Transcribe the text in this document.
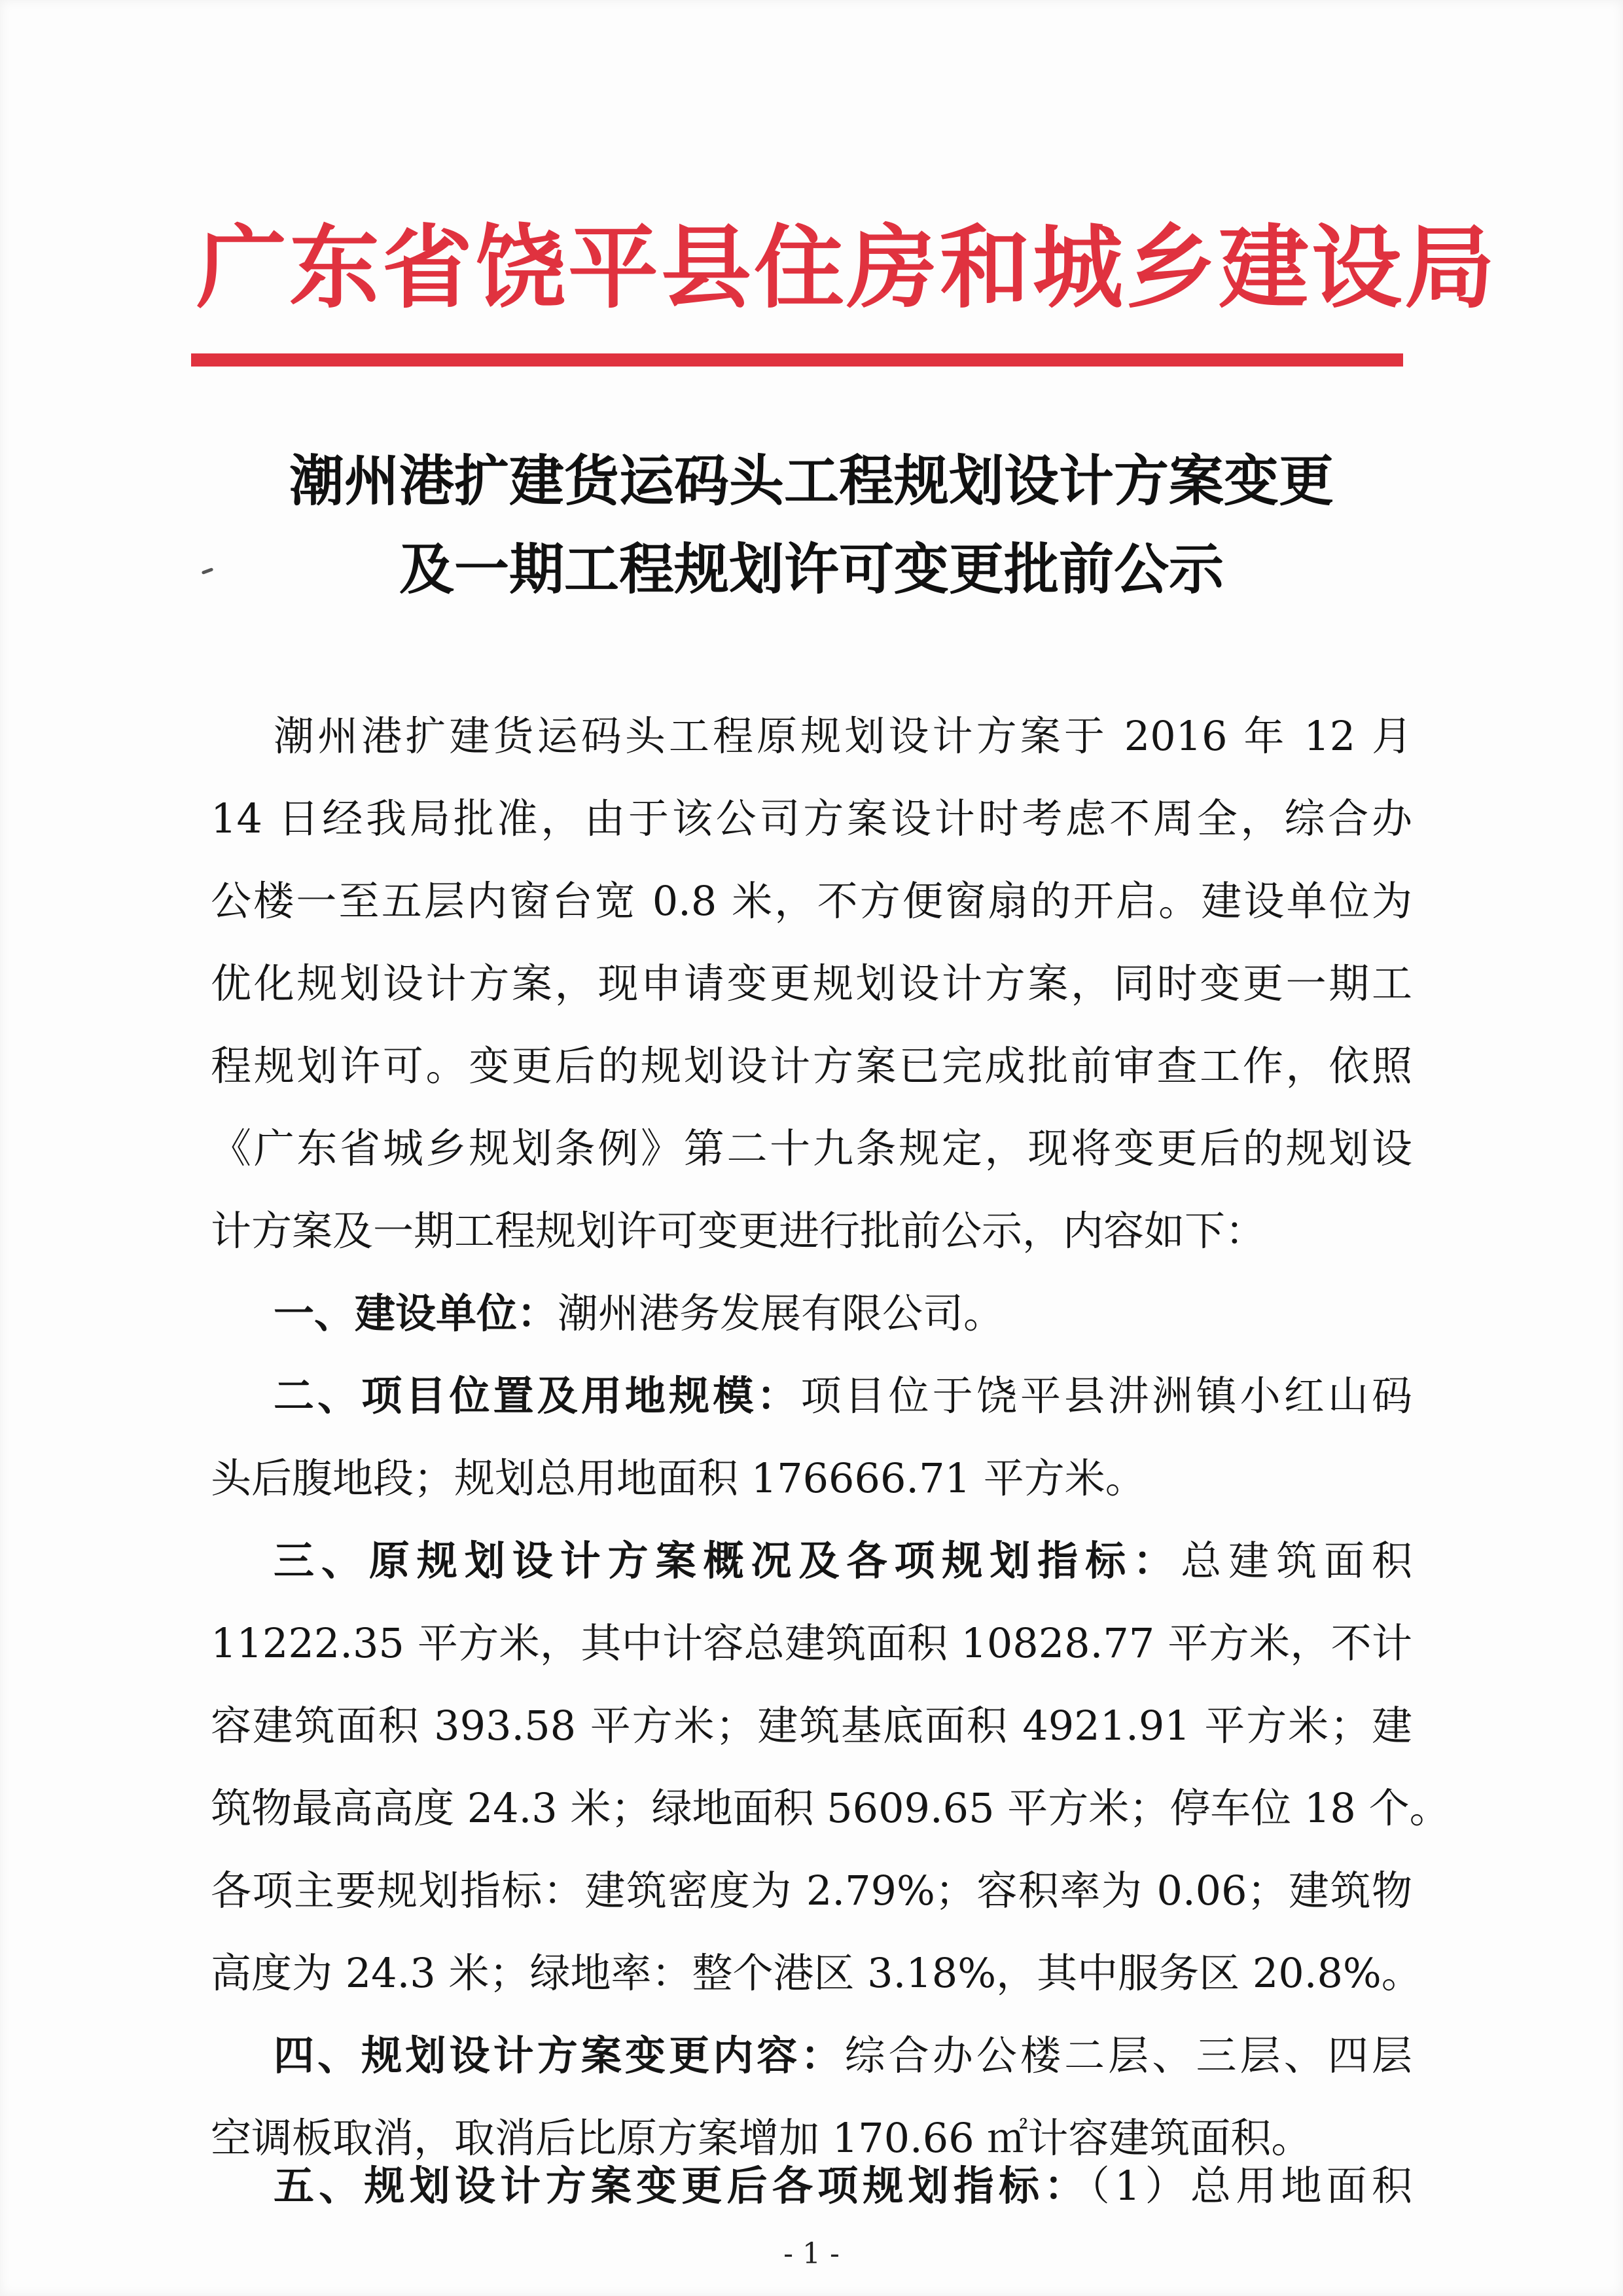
广东省饶平县住房和城乡建设局
潮州港扩建货运码头工程规划设计方案变更
及一期工程规划许可变更批前公示
潮州港扩建货运码头工程原规划设计方案于 2016 年 12 月
14 日经我局批准，由于该公司方案设计时考虑不周全，综合办
公楼一至五层内窗台宽 0.8 米，不方便窗扇的开启。建设单位为
优化规划设计方案，现申请变更规划设计方案，同时变更一期工
程规划许可。变更后的规划设计方案已完成批前审查工作，依照
《广东省城乡规划条例》第二十九条规定，现将变更后的规划设
计方案及一期工程规划许可变更进行批前公示，内容如下：
一、建设单位：潮州港务发展有限公司。
二、项目位置及用地规模：项目位于饶平县汫洲镇小红山码
头后腹地段；规划总用地面积 176666.71 平方米。
三、原规划设计方案概况及各项规划指标：总建筑面积
11222.35 平方米，其中计容总建筑面积 10828.77 平方米，不计
容建筑面积 393.58 平方米；建筑基底面积 4921.91 平方米；建
筑物最高高度 24.3 米；绿地面积 5609.65 平方米；停车位 18 个。
各项主要规划指标：建筑密度为 2.79%；容积率为 0.06；建筑物
高度为 24.3 米；绿地率：整个港区 3.18%，其中服务区 20.8%。
四、规划设计方案变更内容：综合办公楼二层、三层、四层
空调板取消，取消后比原方案增加 170.66 ㎡计容建筑面积。
五、规划设计方案变更后各项规划指标：（1）总用地面积
- 1 -
